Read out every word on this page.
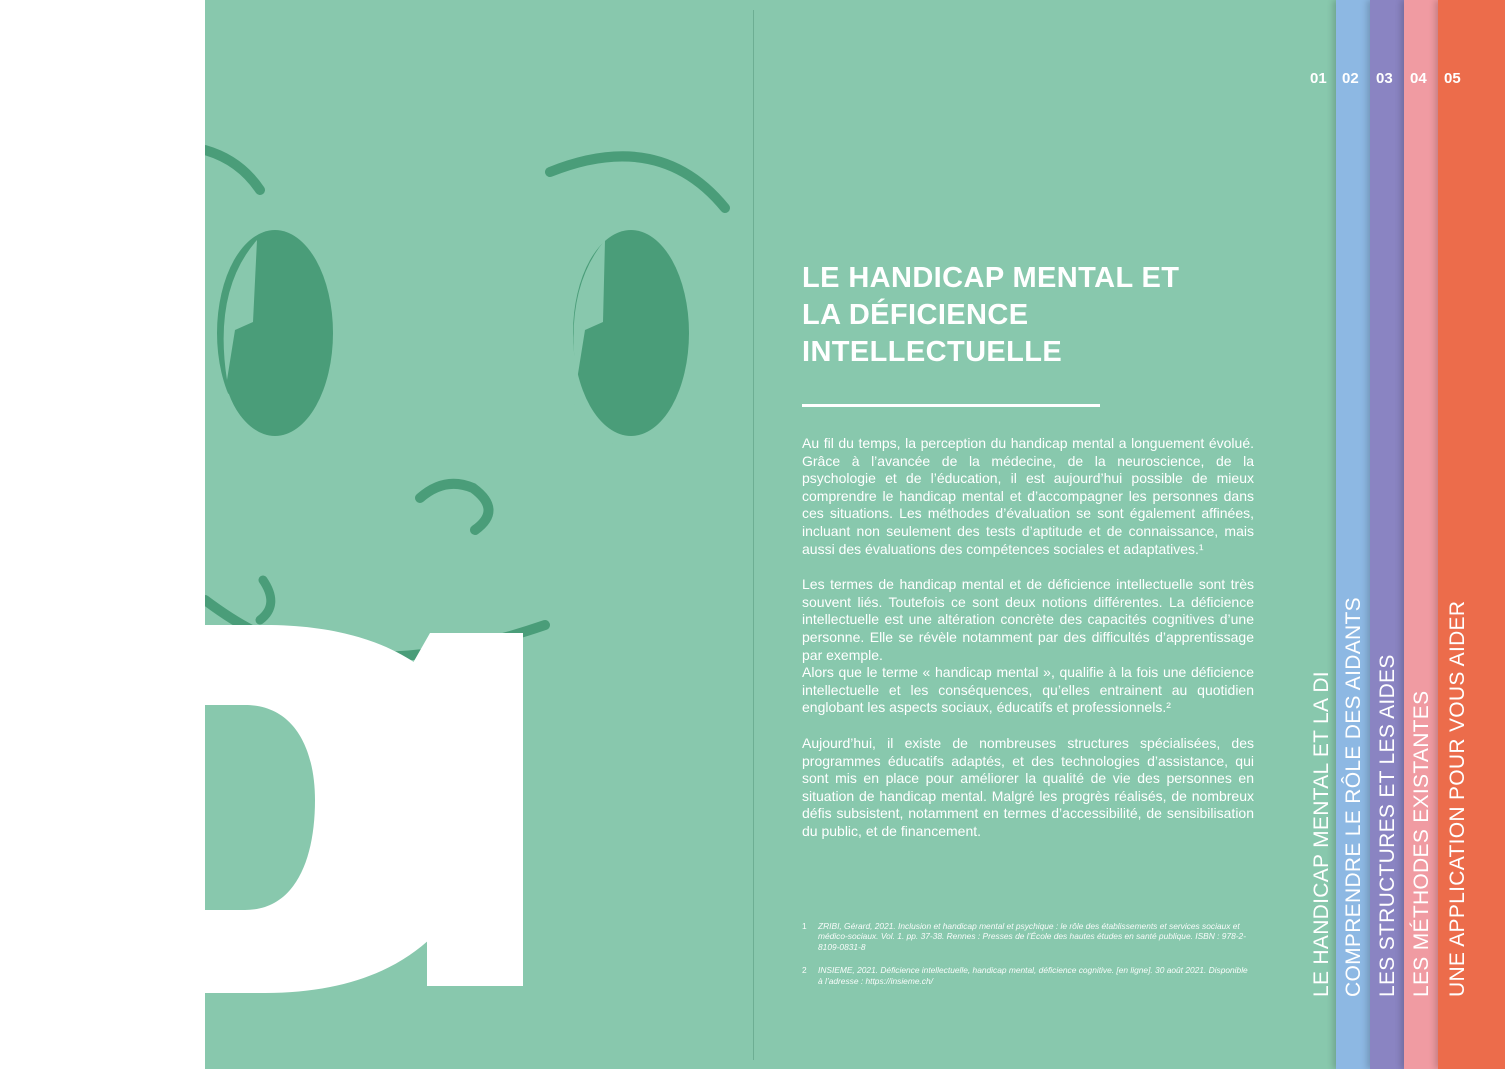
LE HANDICAP MENTAL ET
LA DÉFICIENCE INTELLECTUELLE

Au fil du temps, la perception du handicap mental a longuement évolué. Grâce à l’avancée de la médecine, de la neuroscience, de la psychologie et de l’éducation, il est aujourd’hui possible de mieux comprendre le handicap mental et d’accompagner les personnes dans ces situations. Les méthodes d’évaluation se sont également affinées, incluant non seulement des tests d’aptitude et de connaissance, mais aussi des évaluations des compétences sociales et adaptatives.¹

Les termes de handicap mental et de déficience intellectuelle sont très souvent liés. Toutefois ce sont deux notions différentes. La déficience intellectuelle est une altération concrète des capacités cognitives d’une personne. Elle se révèle notamment par des difficultés d’apprentissage par exemple.

Alors que le terme « handicap mental », qualifie à la fois une déficience intellectuelle et les conséquences, qu’elles entrainent au quotidien englobant les aspects sociaux, éducatifs et professionnels.²

Aujourd’hui, il existe de nombreuses structures spécialisées, des programmes éducatifs adaptés, et des technologies d’assistance, qui sont mis en place pour améliorer la qualité de vie des personnes en situation de handicap mental. Malgré les progrès réalisés, de nombreux défis subsistent, notamment en termes d’accessibilité, de sensibilisation du public, et de financement.

1	ZRIBI, Gérard, 2021. Inclusion et handicap mental et psychique : le rôle des établissements et services sociaux et médico-sociaux. Vol. 1. pp. 37-38. Rennes : Presses de l’École des hautes études en santé publique. ISBN : 978-2-8109-0831-8
2	INSIEME, 2021. Déficience intellectuelle, handicap mental, déficience cognitive. [en ligne]. 30 août 2021. Disponible à l’adresse : https://insieme.ch/
01
LE HANDICAP MENTAL ET LA DI
02
COMPRENDRE LE RÔLE DES AIDANTS
03
LES STRUCTURES ET LES AIDES
04
LES MÉTHODES EXISTANTES
05
UNE APPLICATION POUR VOUS AIDER
